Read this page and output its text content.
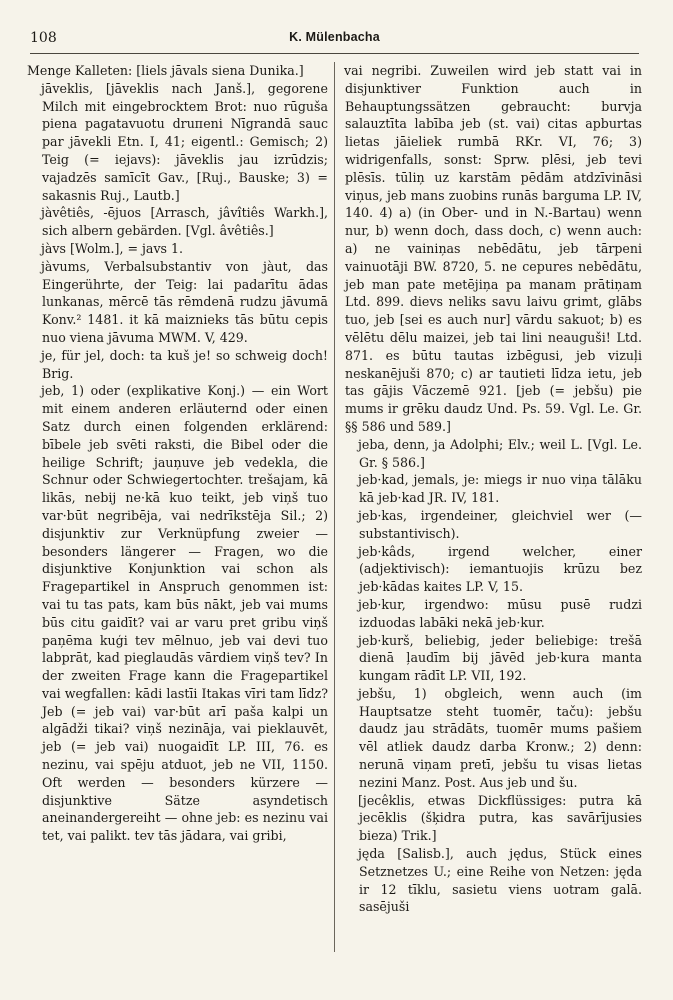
108	K. Mülenbacha

Menge Kalleten: [liels jāvals siena Dunika.]

jāveklis, [jāveklis nach Janš.], gegorene Milch mit eingebrocktem Brot: nuo rūguša piena pagatavuotu druпeni Nīgrandā sauc par jāvekli Etn. I, 41; eigentl.: Gemisch; 2) Teig (= iejavs): jāveklis jau izrūdzis; vajadzēs samīcīt Gav., [Ruj., Bauske; 3) = sakasnis Ruj., Lautb.]

jàvêtiês, -ējuos [Arrasch, jâvîtiês Warkh.], sich albern gebärden. [Vgl. âvêtiês.]

jàvs [Wolm.], = javs 1.

jàvums, Verbalsubstantiv von jàut, das Eingerührte, der Teig: lai padarītu ādas lunkanas, mērcē tās rēmdenā rudzu jāvumā Konv.² 1481. it kā maiznieks tās būtu cepis nuo viena jāvuma MWM. V, 429.

je, für jel, doch: ta kuš je! so schweig doch! Brig.

jeb, 1) oder (explikative Konj.) — ein Wort mit einem anderen erläuternd oder einen Satz durch einen folgenden erklärend: bībele jeb svēti raksti, die Bibel oder die heilige Schrift; jauņuve jeb vedekla, die Schnur oder Schwiegertochter. trešajam, kā likās, nebij ne·kā kuo teikt, jeb viņš tuo var·būt negribēja, vai nedrīkstēja Sil.; 2) disjunktiv zur Verknüpfung zweier — besonders längerer — Fragen, wo die disjunktive Konjunktion vai schon als Fragepartikel in Anspruch genommen ist: vai tu tas pats, kam būs nākt, jeb vai mums būs citu gaidīt? vai ar varu pret gribu viņš paņēma kuģi tev mēlnuo, jeb vai devi tuo labprāt, kad pieglaudās vārdiem viņš tev? In der zweiten Frage kann die Fragepartikel vai wegfallen: kādi lastīi Itakas vīri tam līdz? Jeb (= jeb vai) var·būt arī paša kalpi un algādži tikai? viņš nezināja, vai pieklauvēt, jeb (= jeb vai) nuogaidīt LP. III, 76. es nezinu, vai spēju atduot, jeb ne VII, 1150. Oft werden — besonders kürzere — disjunktive Sätze asyndetisch aneinandergereiht — ohne jeb: es nezinu vai tet, vai palikt. tev tās jādara, vai gribi,

vai negribi. Zuweilen wird jeb statt vai in disjunktiver Funktion auch in Behauptungssätzen gebraucht: burvja salauztīta labība jeb (st. vai) citas apburtas lietas jāieliek rumbā RKr. VI, 76; 3) widrigenfalls, sonst: Sprw. plēsi, jeb tevi plēsīs. tūliņ uz karstām pēdām atdzīvināsi viņus, jeb mans zuobins runās barguma LP. IV, 140. 4) a) (in Ober- und in N.-Bartau) wenn nur, b) wenn doch, dass doch, c) wenn auch: a) ne vainiņas nebēdātu, jeb tārpeni vainuotāji BW. 8720, 5. ne cepures nebēdātu, jeb man pate metējiņa pa manam prātiņam Ltd. 899. dievs neliks savu laivu grimt, glābs tuo, jeb [sei es auch nur] vārdu sakuot; b) es vēlētu dēlu maizei, jeb tai lini neauguši! Ltd. 871. es būtu tautas izbēgusi, jeb vizuļi neskanējuši 870; c) ar tautieti līdza ietu, jeb tas gājis Vāczemē 921. [jeb (= jebšu) pie mums ir grēku daudz Und. Ps. 59. Vgl. Le. Gr. §§ 586 und 589.]

jeba, denn, ja Adolphi; Elv.; weil L. [Vgl. Le. Gr. § 586.]

jeb·kad, jemals, je: miegs ir nuo viņa tālāku kā jeb·kad JR. IV, 181.

jeb·kas, irgendeiner, gleichviel wer (— substantivisch).

jeb·kâds, irgend welcher, einer (adjektivisch): iemantuojis krūzu bez jeb·kādas kaites LP. V, 15.

jeb·kur, irgendwo: mūsu pusē rudzi izduodas labāki nekā jeb·kur.

jeb·kurš, beliebig, jeder beliebige: trešā dienā ļaudīm bij jāvēd jeb·kura manta kungam rādīt LP. VII, 192.

jebšu, 1) obgleich, wenn auch (im Hauptsatze steht tuomēr, taču): jebšu daudz jau strādāts, tuomēr mums pašiem vēl atliek daudz darba Kronw.; 2) denn: nerunā viņam pretī, jebšu tu visas lietas nezini Manz. Post. Aus jeb und šu.

[jecêklis, etwas Dickflüssiges: putra kā jecēklis (šķidra putra, kas savārījusies bieza) Trik.]

jęda [Salisb.], auch jędus, Stück eines Setznetzes U.; eine Reihe von Netzen: jęda ir 12 tīklu, sasietu viens uotram galā. sasējuši
